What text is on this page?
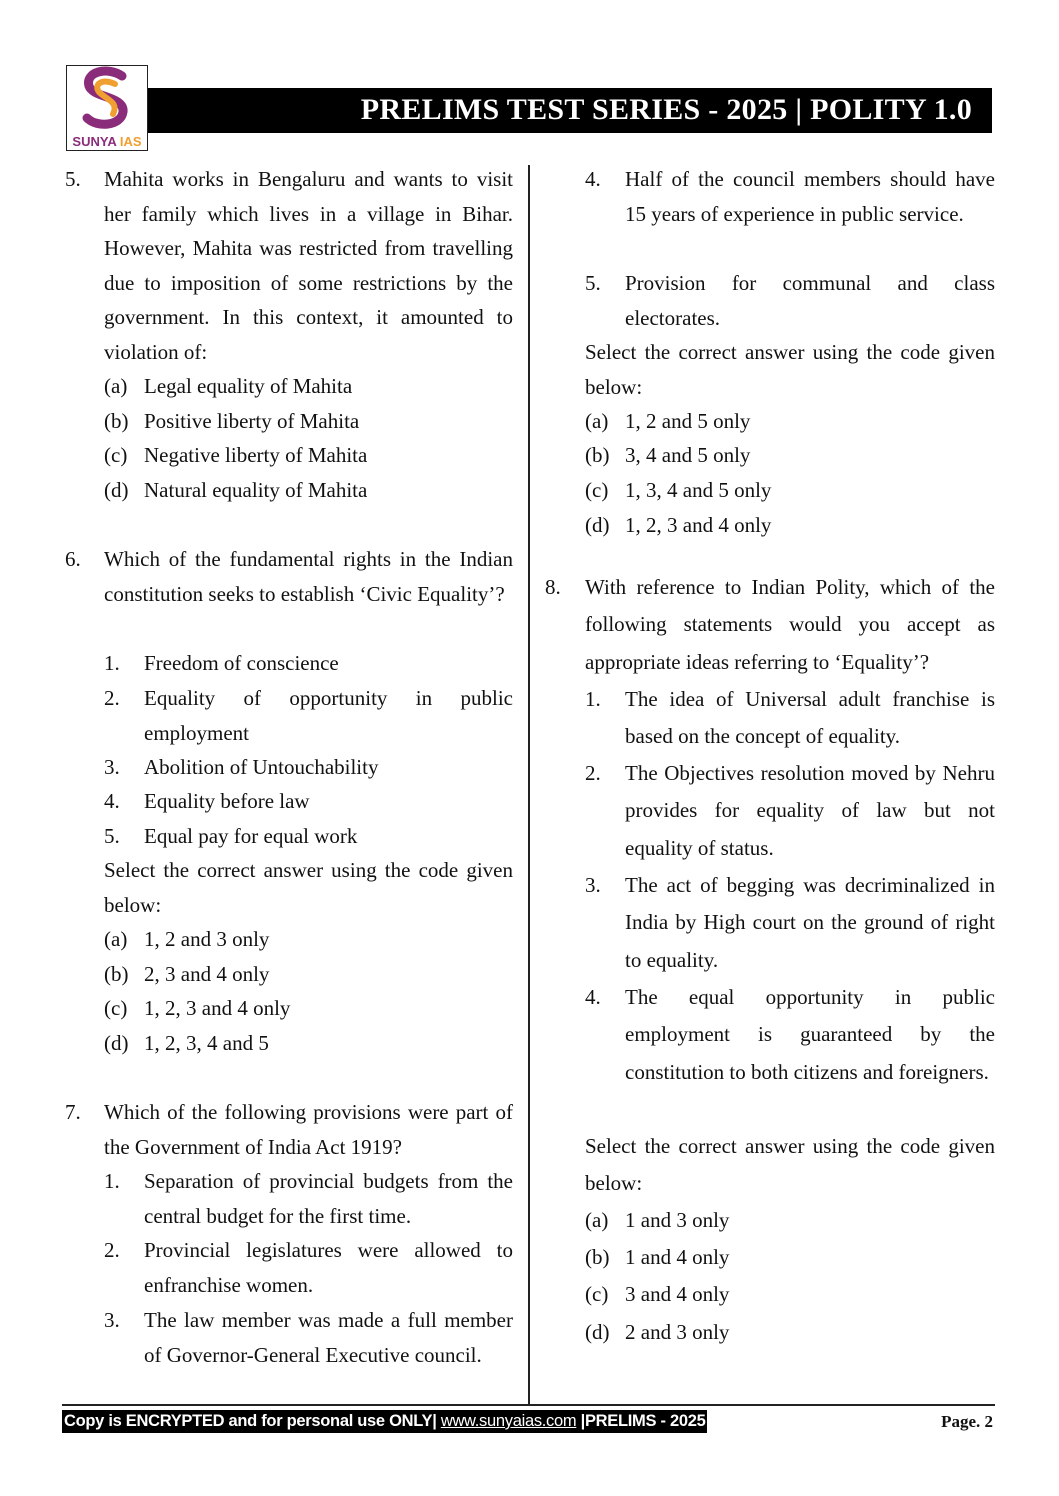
SUNYA IAS
PRELIMS TEST SERIES - 2025 | POLITY 1.0
5. Mahita works in Bengaluru and wants to visit her family which lives in a village in Bihar. However, Mahita was restricted from travelling due to imposition of some restrictions by the government. In this context, it amounted to violation of:

(a) Legal equality of Mahita
(b) Positive liberty of Mahita
(c) Negative liberty of Mahita
(d) Natural equality of Mahita
6. Which of the fundamental rights in the Indian constitution seeks to establish ‘Civic Equality’?

1. Freedom of conscience

2. Equality of opportunity in public employment

3. Abolition of Untouchability

4. Equality before law

5. Equal pay for equal work

Select the correct answer using the code given below:

(a) 1, 2 and 3 only
(b) 2, 3 and 4 only
(c) 1, 2, 3 and 4 only
(d) 1, 2, 3, 4 and 5
7. Which of the following provisions were part of the Government of India Act 1919?

1. Separation of provincial budgets from the central budget for the first time.

2. Provincial legislatures were allowed to enfranchise women.

3. The law member was made a full member of Governor-General Executive council.

4. Half of the council members should have 15 years of experience in public service.

5. Provision for communal and class electorates.

Select the correct answer using the code given below:

(a) 1, 2 and 5 only
(b) 3, 4 and 5 only
(c) 1, 3, 4 and 5 only
(d) 1, 2, 3 and 4 only
8. With reference to Indian Polity, which of the following statements would you accept as appropriate ideas referring to ‘Equality’?

1. The idea of Universal adult franchise is based on the concept of equality.

2. The Objectives resolution moved by Nehru provides for equality of law but not equality of status.

3. The act of begging was decriminalized in India by High court on the ground of right to equality.

4. The equal opportunity in public employment is guaranteed by the constitution to both citizens and foreigners.

Select the correct answer using the code given below:

(a) 1 and 3 only
(b) 1 and 4 only
(c) 3 and 4 only
(d) 2 and 3 only
Copy is ENCRYPTED and for personal use ONLY| www.sunyaias.com |PRELIMS - 2025	Page. 2
